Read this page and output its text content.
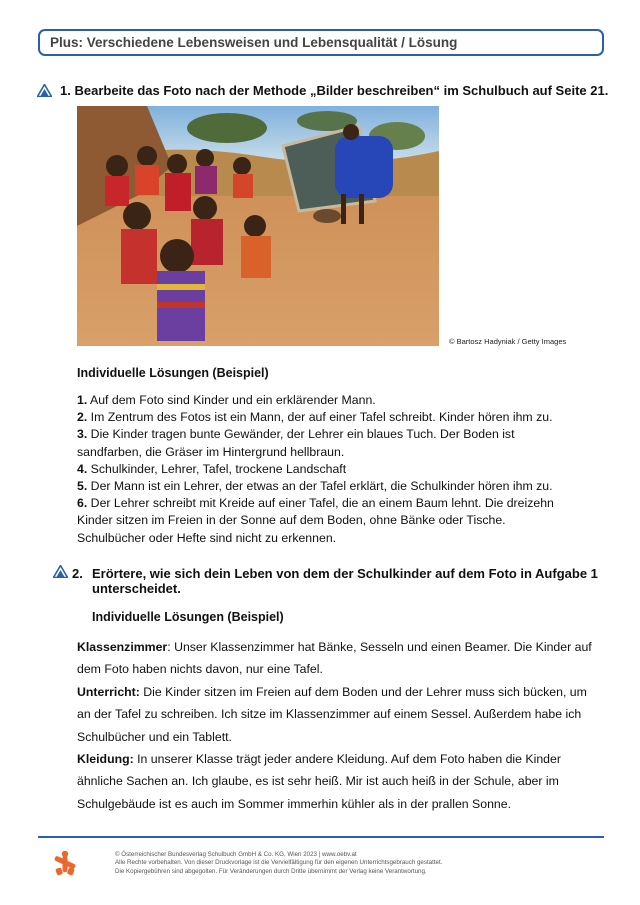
Plus: Verschiedene Lebensweisen und Lebensqualität / Lösung
1. Bearbeite das Foto nach der Methode „Bilder beschreiben“ im Schulbuch auf Seite 21.
© Bartosz Hadyniak / Getty Images
Individuelle Lösungen (Beispiel)

1. Auf dem Foto sind Kinder und ein erklärender Mann.

2. Im Zentrum des Fotos ist ein Mann, der auf einer Tafel schreibt. Kinder hören ihm zu.

3. Die Kinder tragen bunte Gewänder, der Lehrer ein blaues Tuch. Der Boden ist sandfarben, die Gräser im Hintergrund hellbraun.

4. Schulkinder, Lehrer, Tafel, trockene Landschaft

5. Der Mann ist ein Lehrer, der etwas an der Tafel erklärt, die Schulkinder hören ihm zu.

6. Der Lehrer schreibt mit Kreide auf einer Tafel, die an einem Baum lehnt. Die dreizehn Kinder sitzen im Freien in der Sonne auf dem Boden, ohne Bänke oder Tische. Schulbücher oder Hefte sind nicht zu erkennen.

2. Erörtere, wie sich dein Leben von dem der Schulkinder auf dem Foto in Aufgabe 1
unterscheidet.
Individuelle Lösungen (Beispiel)

Klassenzimmer: Unser Klassenzimmer hat Bänke, Sesseln und einen Beamer. Die Kinder auf dem Foto haben nichts davon, nur eine Tafel.

Unterricht: Die Kinder sitzen im Freien auf dem Boden und der Lehrer muss sich bücken, um an der Tafel zu schreiben. Ich sitze im Klassenzimmer auf einem Sessel. Außerdem habe ich Schulbücher und ein Tablett.

Kleidung: In unserer Klasse trägt jeder andere Kleidung. Auf dem Foto haben die Kinder ähnliche Sachen an. Ich glaube, es ist sehr heiß. Mir ist auch heiß in der Schule, aber im Schulgebäude ist es auch im Sommer immerhin kühler als in der prallen Sonne.

© Österreichischer Bundesverlag Schulbuch GmbH & Co. KG, Wien 2023 | www.oebv.at
Alle Rechte vorbehalten. Von dieser Druckvorlage ist die Vervielfältigung für den eigenen Unterrichtsgebrauch gestattet.
Die Kopiergebühren sind abgegolten. Für Veränderungen durch Dritte übernimmt der Verlag keine Verantwortung.
